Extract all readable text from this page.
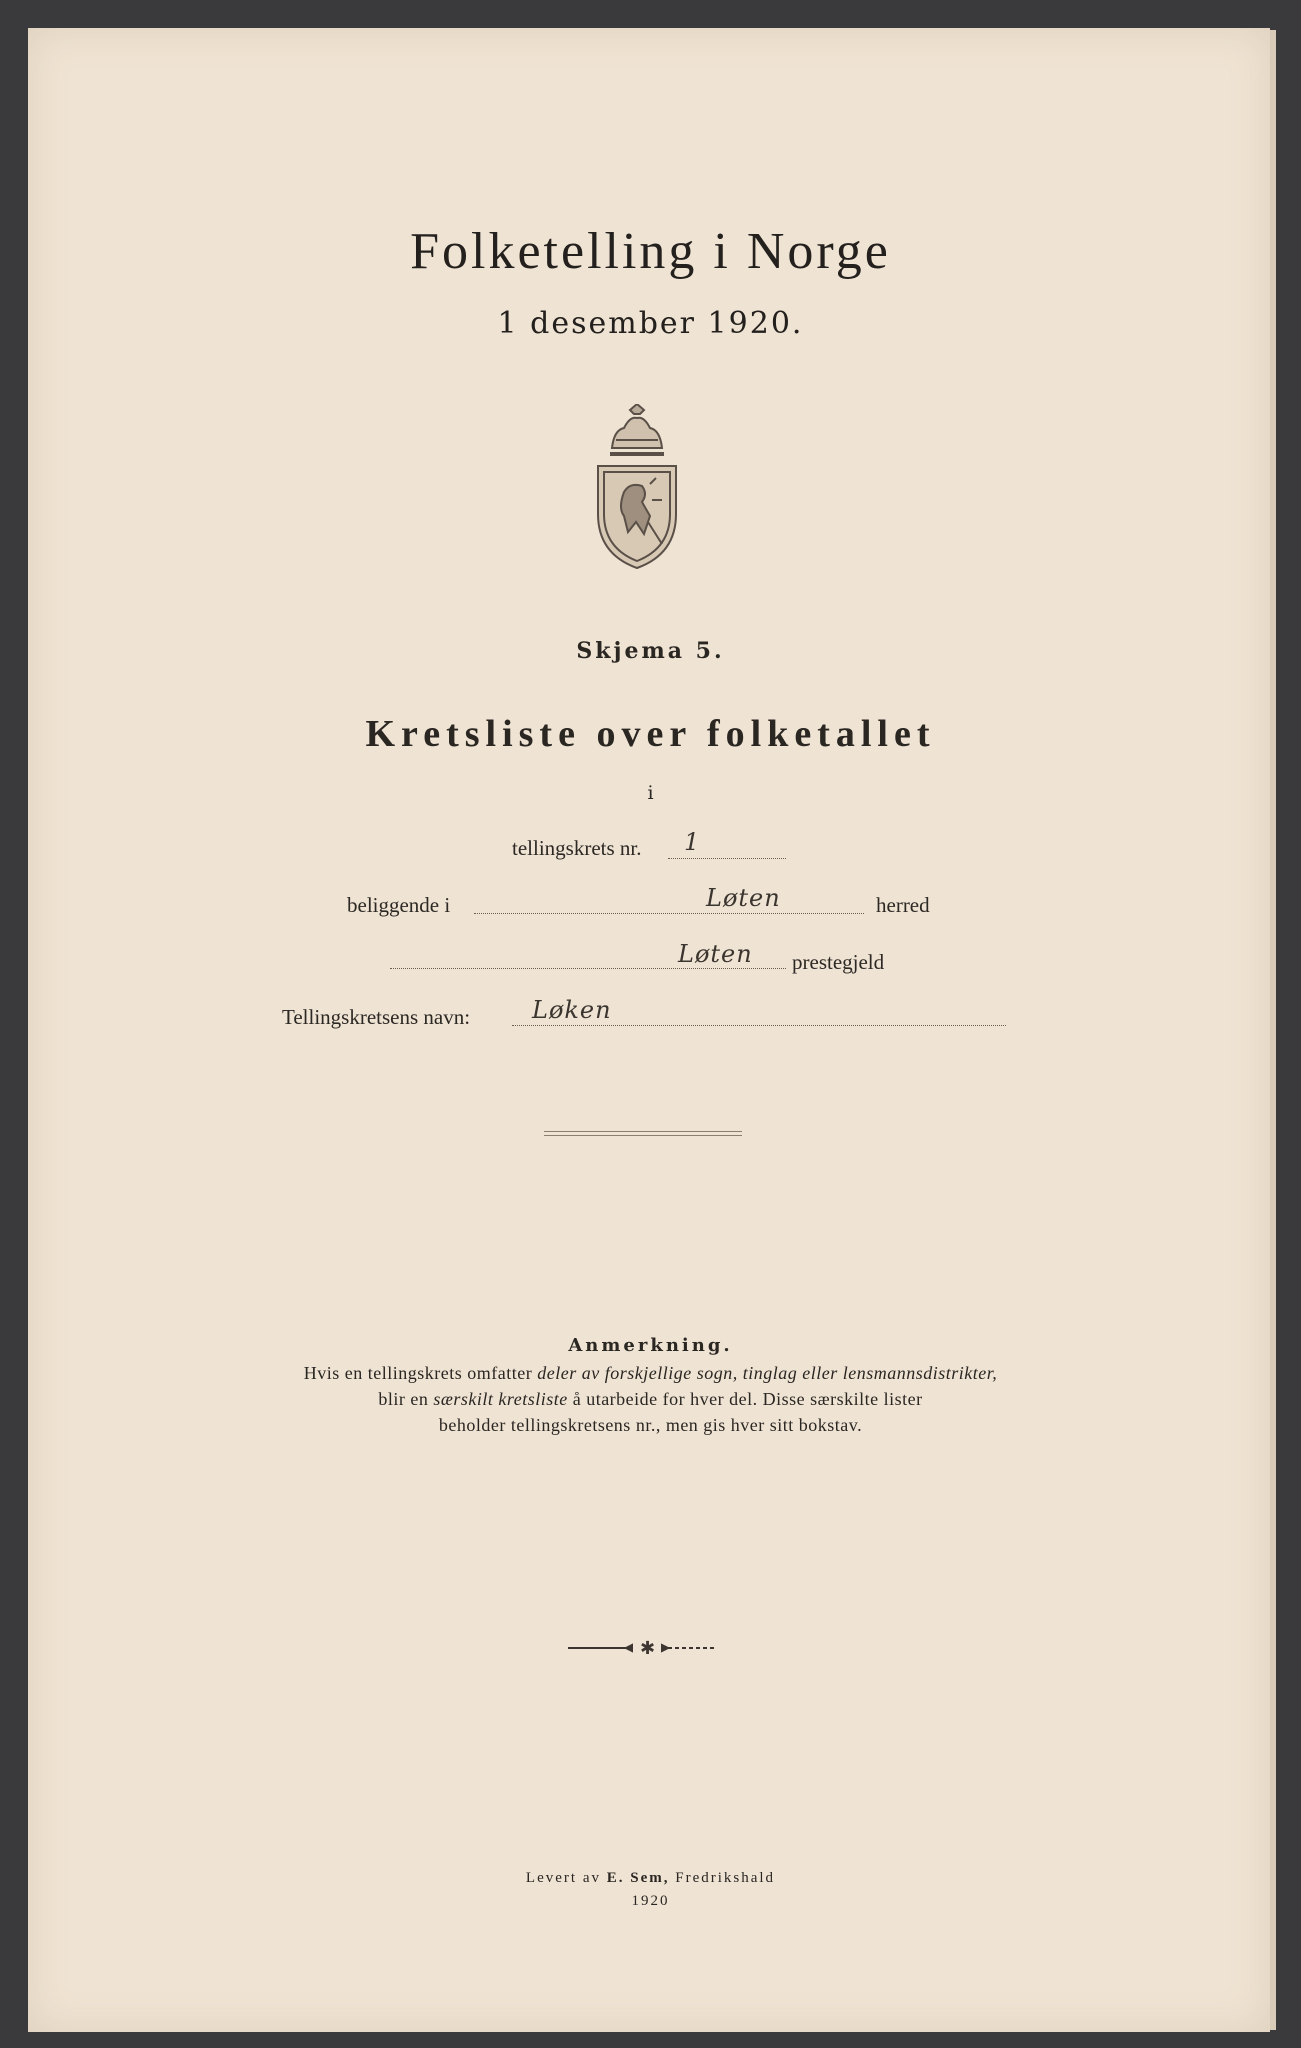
Folketelling i Norge
1 desember 1920.
Skjema 5.
Kretsliste over folketallet
i
tellingskrets nr. 1
beliggende i	Løten	herred
Løten prestegjeld
Tellingskretsens navn:	Løken
Anmerkning.
Hvis en tellingskrets omfatter deler av forskjellige sogn, tinglag eller lensmannsdistrikter,
blir en særskilt kretsliste å utarbeide for hver del. Disse særskilte lister
beholder tellingskretsens nr., men gis hver sitt bokstav.
✱
Levert av E. Sem, Fredrikshald
1920
